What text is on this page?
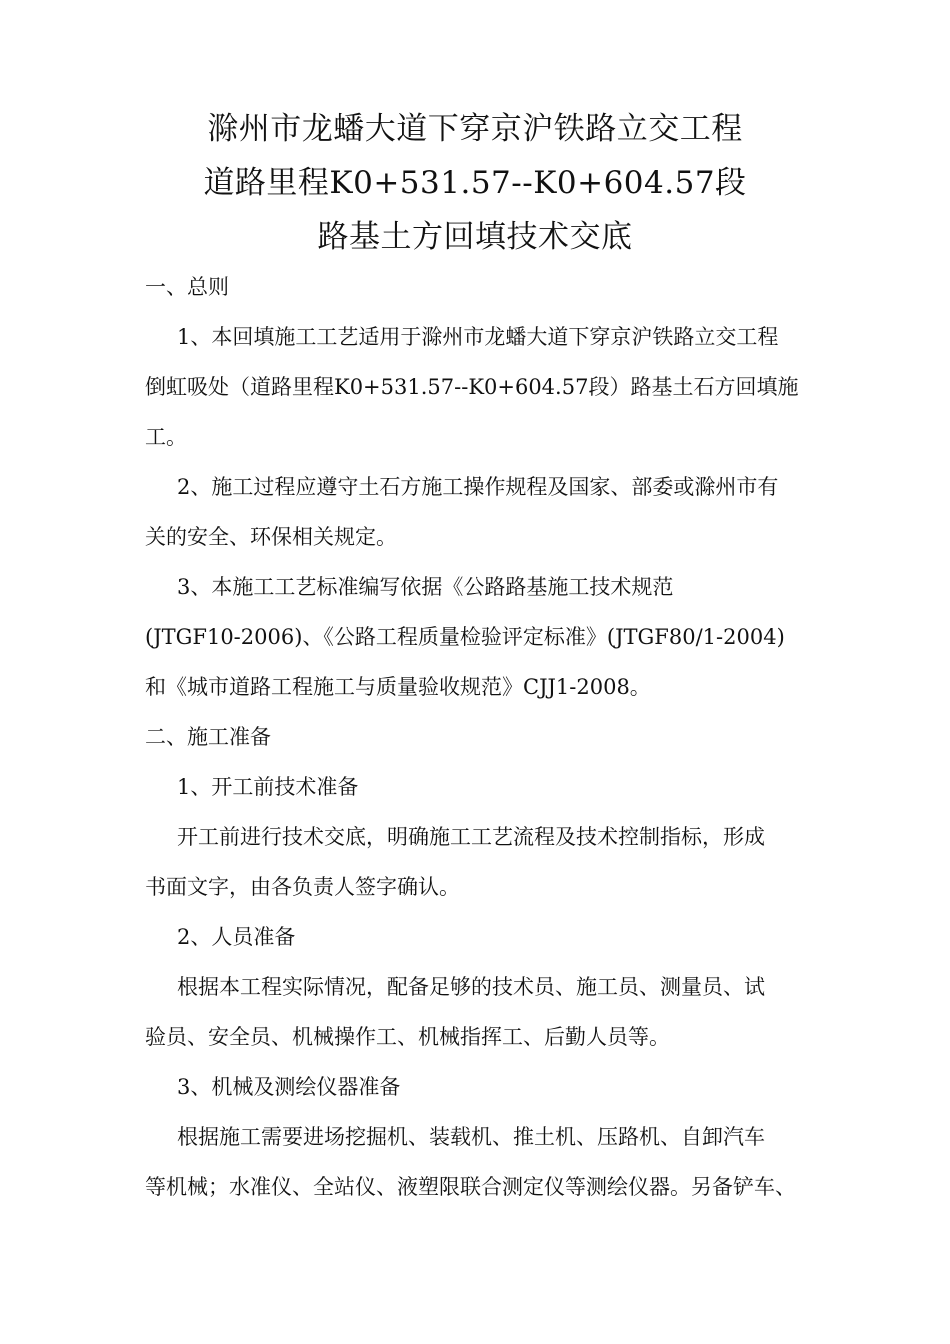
滁州市龙蟠大道下穿京沪铁路立交工程
道路里程K0+531.57--K0+604.57段
路基土方回填技术交底
一、总则
1、本回填施工工艺适用于滁州市龙蟠大道下穿京沪铁路立交工程
倒虹吸处（道路里程K0+531.57--K0+604.57段）路基土石方回填施
工。
2、施工过程应遵守土石方施工操作规程及国家、部委或滁州市有
关的安全、环保相关规定。
3、本施工工艺标准编写依据《公路路基施工技术规范
(JTGF10-2006)、《公路工程质量检验评定标准》(JTGF80/1-2004)
和《城市道路工程施工与质量验收规范》CJJ1-2008。
二、施工准备
1、开工前技术准备
开工前进行技术交底，明确施工工艺流程及技术控制指标，形成
书面文字，由各负责人签字确认。
2、人员准备
根据本工程实际情况，配备足够的技术员、施工员、测量员、试
验员、安全员、机械操作工、机械指挥工、后勤人员等。
3、机械及测绘仪器准备
根据施工需要进场挖掘机、装载机、推土机、压路机、自卸汽车
等机械；水准仪、全站仪、液塑限联合测定仪等测绘仪器。另备铲车、
